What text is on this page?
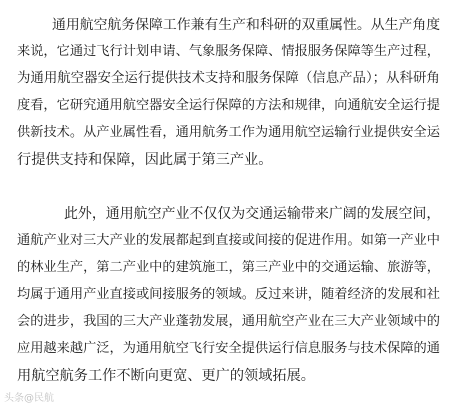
通用航空航务保障工作兼有生产和科研的双重属性。从生产角度
来说，它通过飞行计划申请、气象服务保障、情报服务保障等生产过程，
为通用航空器安全运行提供技术支持和服务保障（信息产品）；从科研角
度看，它研究通用航空器安全运行保障的方法和规律，向通航安全运行提
供新技术。从产业属性看，通用航务工作为通用航空运输行业提供安全运
行提供支持和保障，因此属于第三产业。
此外，通用航空产业不仅仅为交通运输带来广阔的发展空间，
通航产业对三大产业的发展都起到直接或间接的促进作用。如第一产业中
的林业生产，第二产业中的建筑施工，第三产业中的交通运输、旅游等，
均属于通用产业直接或间接服务的领域。反过来讲，随着经济的发展和社
会的进步，我国的三大产业蓬勃发展，通用航空产业在三大产业领域中的
应用越来越广泛，为通用航空飞行安全提供运行信息服务与技术保障的通
用航空航务工作不断向更宽、更广的领域拓展。
头条@民航
